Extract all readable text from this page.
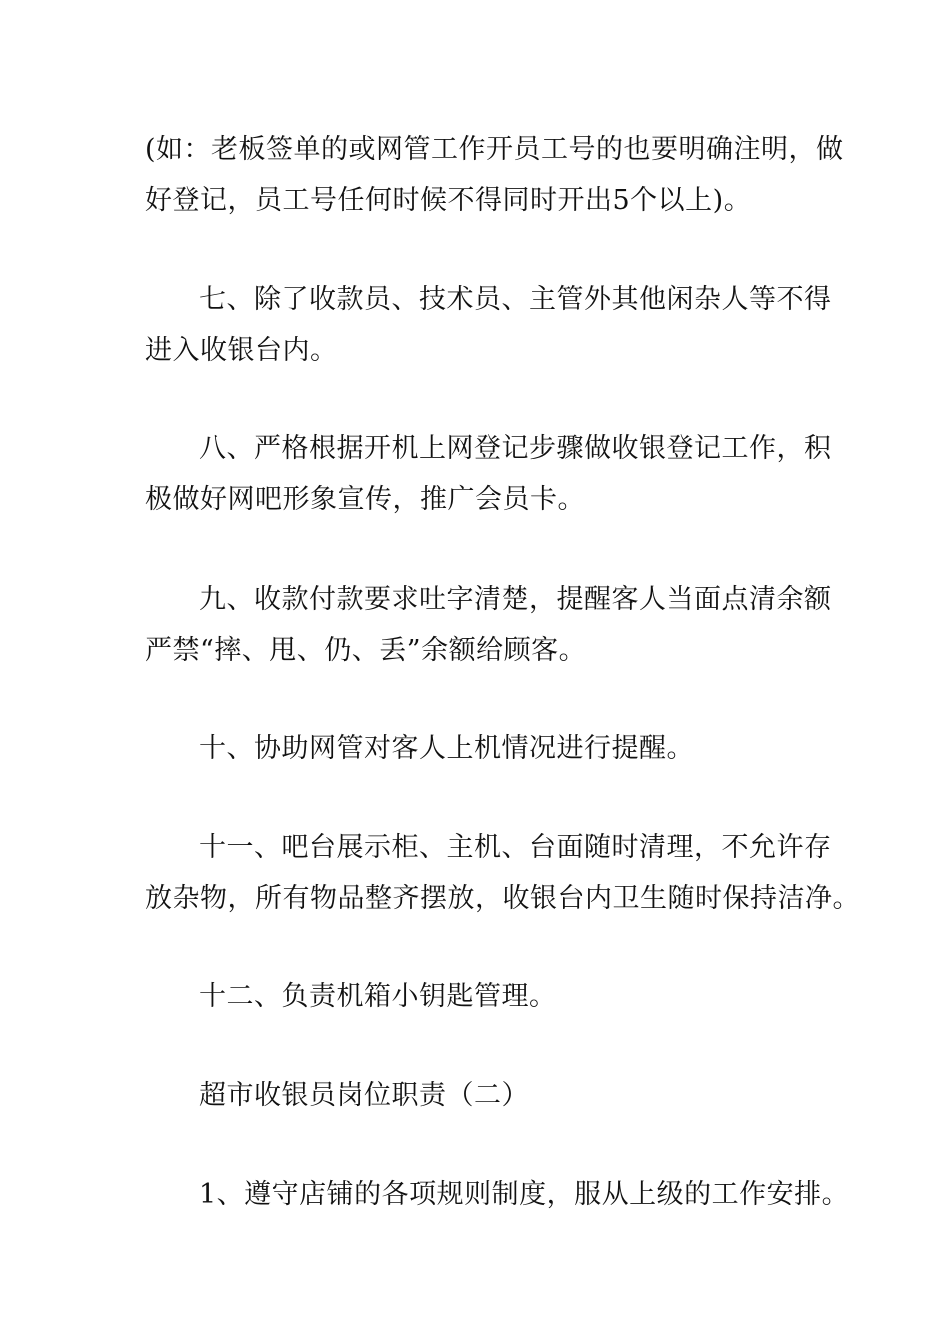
(如：老板签单的或网管工作开员工号的也要明确注明，做
好登记，员工号任何时候不得同时开出5个以上)。
七、除了收款员、技术员、主管外其他闲杂人等不得
进入收银台内。
八、严格根据开机上网登记步骤做收银登记工作，积
极做好网吧形象宣传，推广会员卡。
九、收款付款要求吐字清楚，提醒客人当面点清余额
严禁“摔、甩、仍、丢”余额给顾客。
十、协助网管对客人上机情况进行提醒。
十一、吧台展示柜、主机、台面随时清理，不允许存
放杂物，所有物品整齐摆放，收银台内卫生随时保持洁净。
十二、负责机箱小钥匙管理。
超市收银员岗位职责（二）
1、遵守店铺的各项规则制度，服从上级的工作安排。
